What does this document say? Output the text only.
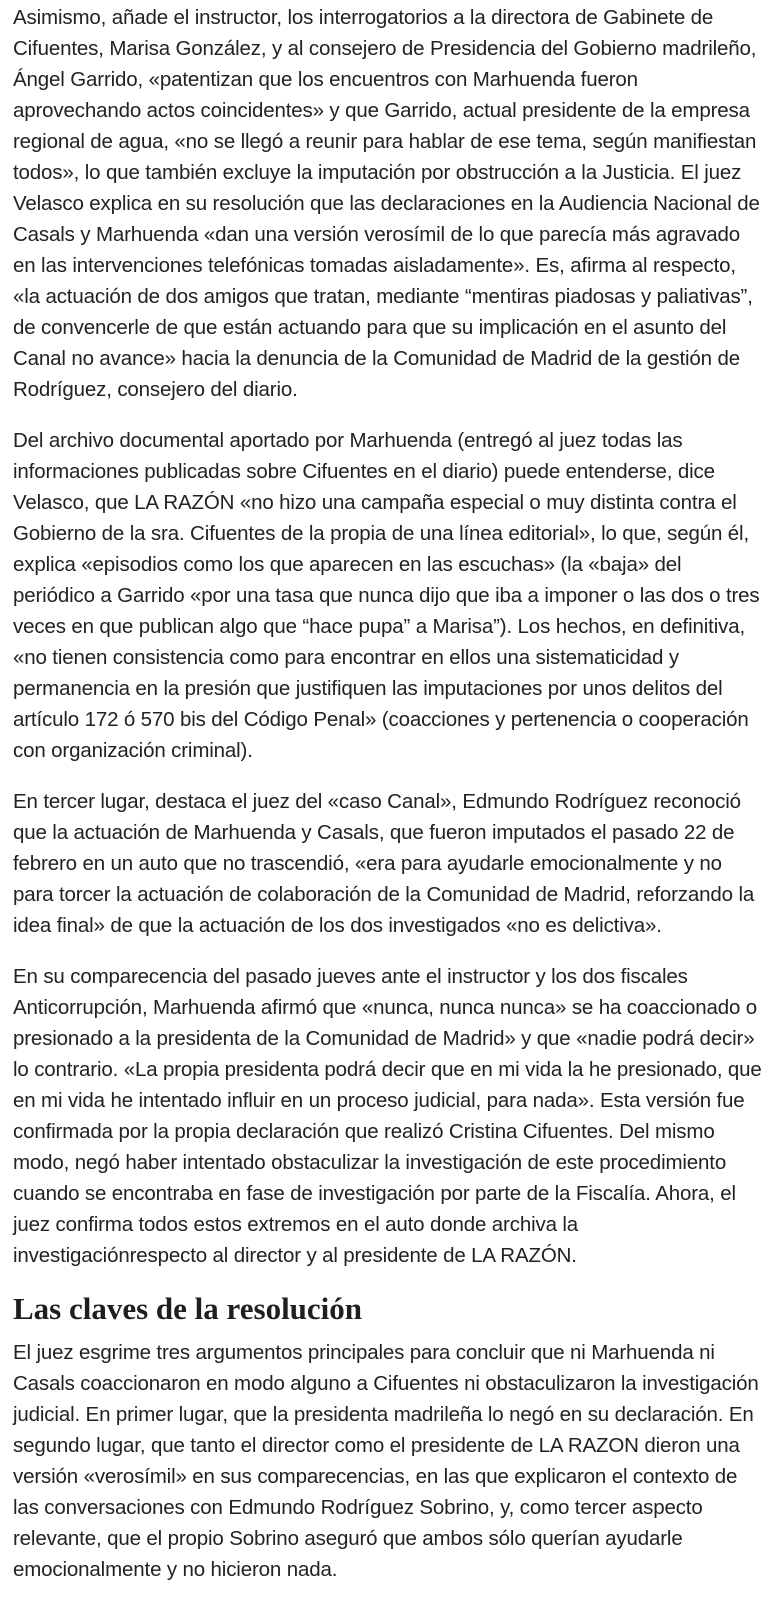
Asimismo, añade el instructor, los interrogatorios a la directora de Gabinete de Cifuentes, Marisa González, y al consejero de Presidencia del Gobierno madrileño, Ángel Garrido, «patentizan que los encuentros con Marhuenda fueron aprovechando actos coincidentes» y que Garrido, actual presidente de la empresa regional de agua, «no se llegó a reunir para hablar de ese tema, según manifiestan todos», lo que también excluye la imputación por obstrucción a la Justicia. El juez Velasco explica en su resolución que las declaraciones en la Audiencia Nacional de Casals y Marhuenda «dan una versión verosímil de lo que parecía más agravado en las intervenciones telefónicas tomadas aisladamente». Es, afirma al respecto, «la actuación de dos amigos que tratan, mediante “mentiras piadosas y paliativas”, de convencerle de que están actuando para que su implicación en el asunto del Canal no avance» hacia la denuncia de la Comunidad de Madrid de la gestión de Rodríguez, consejero del diario.

Del archivo documental aportado por Marhuenda (entregó al juez todas las informaciones publicadas sobre Cifuentes en el diario) puede entenderse, dice Velasco, que LA RAZÓN «no hizo una campaña especial o muy distinta contra el Gobierno de la sra. Cifuentes de la propia de una línea editorial», lo que, según él, explica «episodios como los que aparecen en las escuchas» (la «baja» del periódico a Garrido «por una tasa que nunca dijo que iba a imponer o las dos o tres veces en que publican algo que “hace pupa” a Marisa”). Los hechos, en definitiva, «no tienen consistencia como para encontrar en ellos una sistematicidad y permanencia en la presión que justifiquen las imputaciones por unos delitos del artículo 172 ó 570 bis del Código Penal» (coacciones y pertenencia o cooperación con organización criminal).

En tercer lugar, destaca el juez del «caso Canal», Edmundo Rodríguez reconoció que la actuación de Marhuenda y Casals, que fueron imputados el pasado 22 de febrero en un auto que no trascendió, «era para ayudarle emocionalmente y no para torcer la actuación de colaboración de la Comunidad de Madrid, reforzando la idea final» de que la actuación de los dos investigados «no es delictiva».

En su comparecencia del pasado jueves ante el instructor y los dos fiscales Anticorrupción, Marhuenda afirmó que «nunca, nunca nunca» se ha coaccionado o presionado a la presidenta de la Comunidad de Madrid» y que «nadie podrá decir» lo contrario. «La propia presidenta podrá decir que en mi vida la he presionado, que en mi vida he intentado influir en un proceso judicial, para nada». Esta versión fue confirmada por la propia declaración que realizó Cristina Cifuentes. Del mismo modo, negó haber intentado obstaculizar la investigación de este procedimiento cuando se encontraba en fase de investigación por parte de la Fiscalía. Ahora, el juez confirma todos estos extremos en el auto donde archiva la investigaciónrespecto al director y al presidente de LA RAZÓN.

Las claves de la resolución

El juez esgrime tres argumentos principales para concluir que ni Marhuenda ni Casals coaccionaron en modo alguno a Cifuentes ni obstaculizaron la investigación judicial. En primer lugar, que la presidenta madrileña lo negó en su declaración. En segundo lugar, que tanto el director como el presidente de LA RAZON dieron una versión «verosímil» en sus comparecencias, en las que explicaron el contexto de las conversaciones con Edmundo Rodríguez Sobrino, y, como tercer aspecto relevante, que el propio Sobrino aseguró que ambos sólo querían ayudarle emocionalmente y no hicieron nada.
